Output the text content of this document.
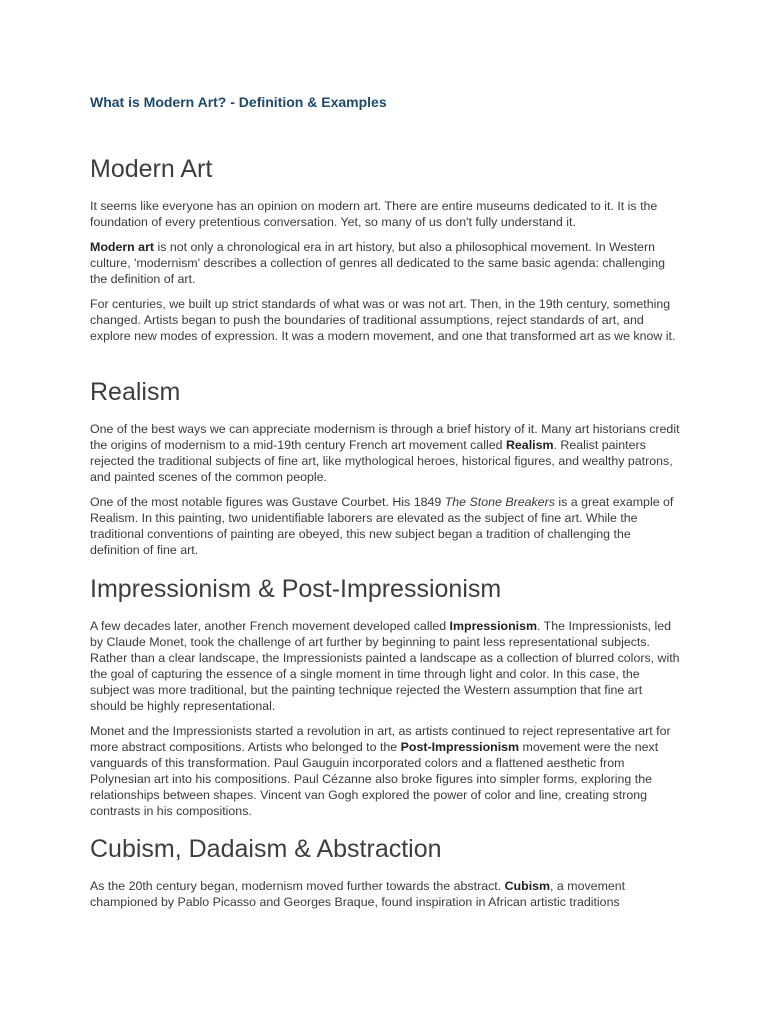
What is Modern Art? - Definition & Examples
Modern Art

It seems like everyone has an opinion on modern art. There are entire museums dedicated to it. It is the foundation of every pretentious conversation. Yet, so many of us don't fully understand it.

Modern art is not only a chronological era in art history, but also a philosophical movement. In Western culture, 'modernism' describes a collection of genres all dedicated to the same basic agenda: challenging the definition of art.

For centuries, we built up strict standards of what was or was not art. Then, in the 19th century, something changed. Artists began to push the boundaries of traditional assumptions, reject standards of art, and explore new modes of expression. It was a modern movement, and one that transformed art as we know it.

Realism

One of the best ways we can appreciate modernism is through a brief history of it. Many art historians credit the origins of modernism to a mid-19th century French art movement called Realism. Realist painters rejected the traditional subjects of fine art, like mythological heroes, historical figures, and wealthy patrons, and painted scenes of the common people.

One of the most notable figures was Gustave Courbet. His 1849 The Stone Breakers is a great example of Realism. In this painting, two unidentifiable laborers are elevated as the subject of fine art. While the traditional conventions of painting are obeyed, this new subject began a tradition of challenging the definition of fine art.

Impressionism & Post-Impressionism

A few decades later, another French movement developed called Impressionism. The Impressionists, led by Claude Monet, took the challenge of art further by beginning to paint less representational subjects. Rather than a clear landscape, the Impressionists painted a landscape as a collection of blurred colors, with the goal of capturing the essence of a single moment in time through light and color. In this case, the subject was more traditional, but the painting technique rejected the Western assumption that fine art should be highly representational.

Monet and the Impressionists started a revolution in art, as artists continued to reject representative art for more abstract compositions. Artists who belonged to the Post-Impressionism movement were the next vanguards of this transformation. Paul Gauguin incorporated colors and a flattened aesthetic from Polynesian art into his compositions. Paul Cézanne also broke figures into simpler forms, exploring the relationships between shapes. Vincent van Gogh explored the power of color and line, creating strong contrasts in his compositions.

Cubism, Dadaism & Abstraction

As the 20th century began, modernism moved further towards the abstract. Cubism, a movement championed by Pablo Picasso and Georges Braque, found inspiration in African artistic traditions
